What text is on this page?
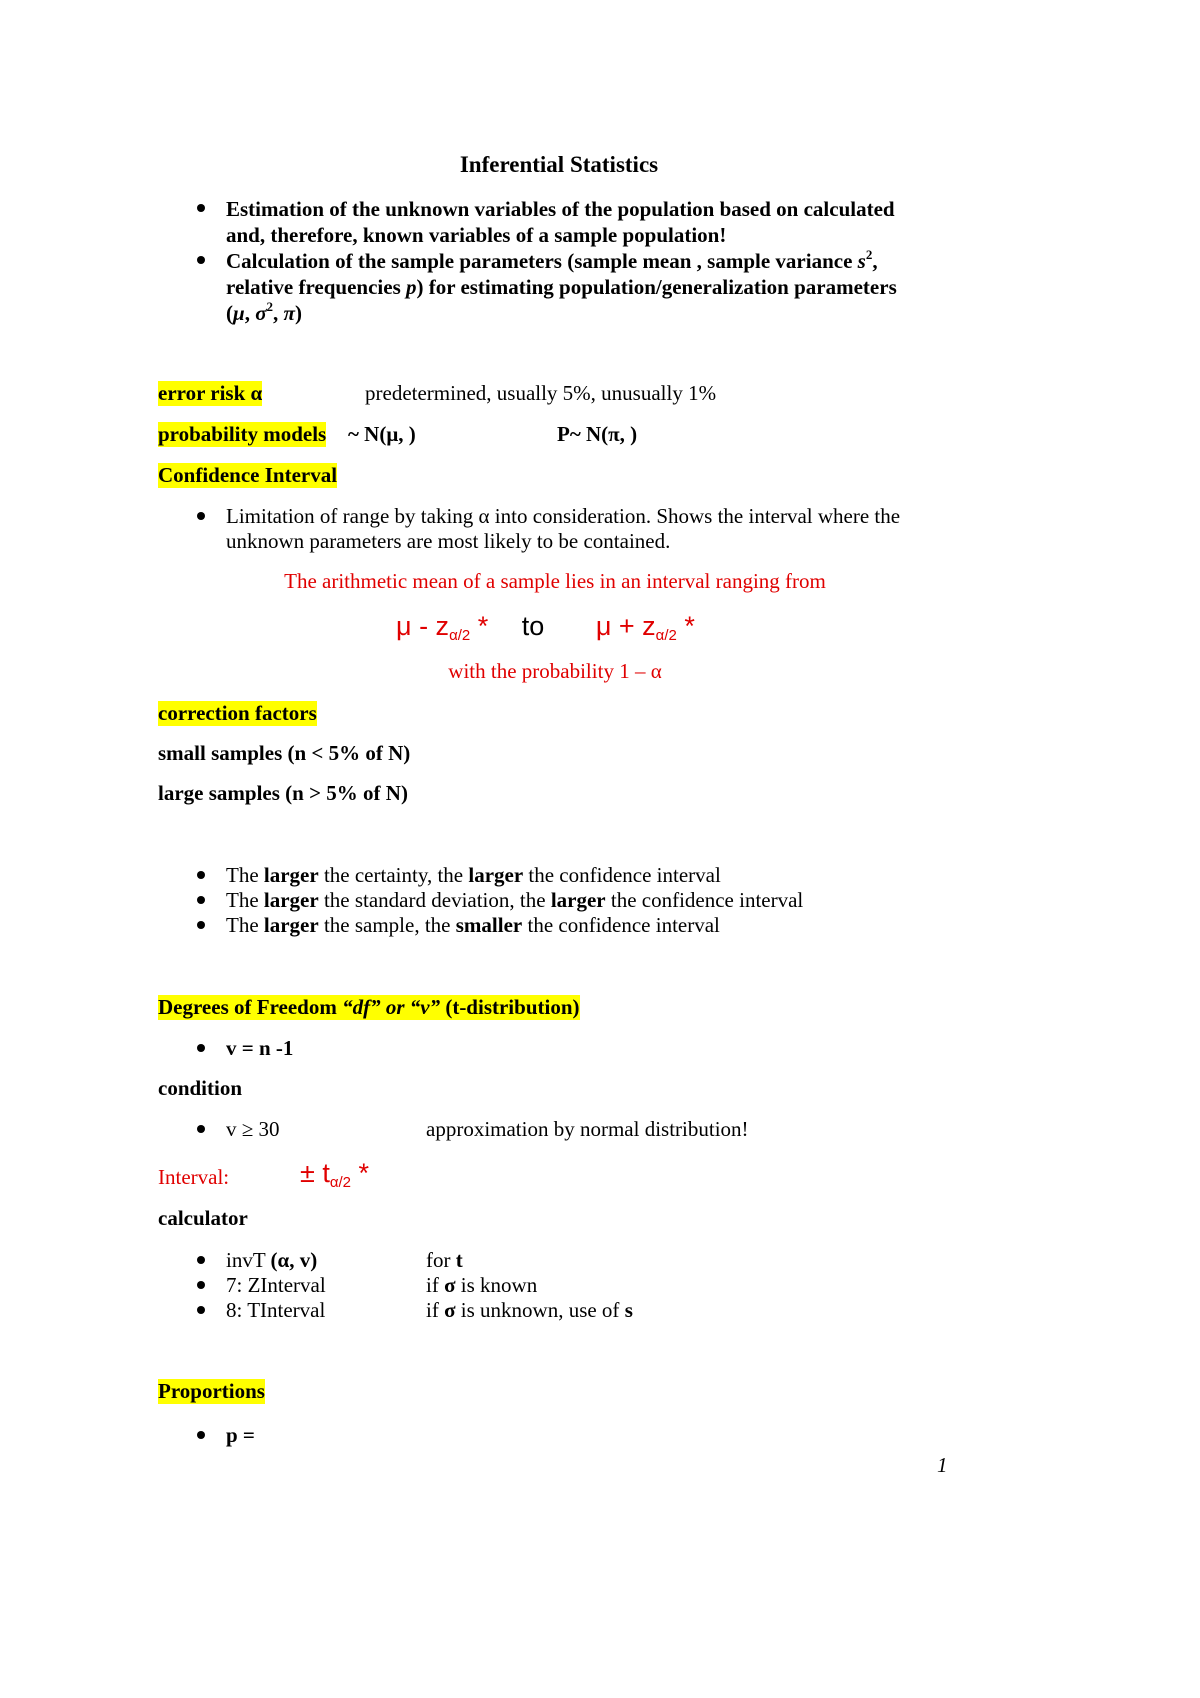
Inferential Statistics
Estimation of the unknown variables of the population based on calculated
and, therefore, known variables of a sample population!
Calculation of the sample parameters (sample mean , sample variance $s^2$,
relative frequencies p) for estimating population/generalization parameters
(μ, $\sigma^2$, π)
error risk α	predetermined, usually 5%, unusually 1%
probability models ~ N(μ, )	P~ N(π, )
Confidence Interval
Limitation of range by taking α into consideration. Shows the interval where the
unknown parameters are most likely to be contained.
The arithmetic mean of a sample lies in an interval ranging from
μ - zα/2 * to μ + zα/2 *
with the probability 1 – α
correction factors
small samples (n < 5% of N)
large samples (n > 5% of N)
The larger the certainty, the larger the confidence interval
The larger the standard deviation, the larger the confidence interval
The larger the sample, the smaller the confidence interval
Degrees of Freedom “df” or “v” (t-distribution)
v = n -1
condition
v ≥ 30	approximation by normal distribution!
Interval:	± tα/2 *
calculator
invT (α, v)	for t
7: ZInterval	if σ is known
8: TInterval	if σ is unknown, use of s
Proportions
p =
1
